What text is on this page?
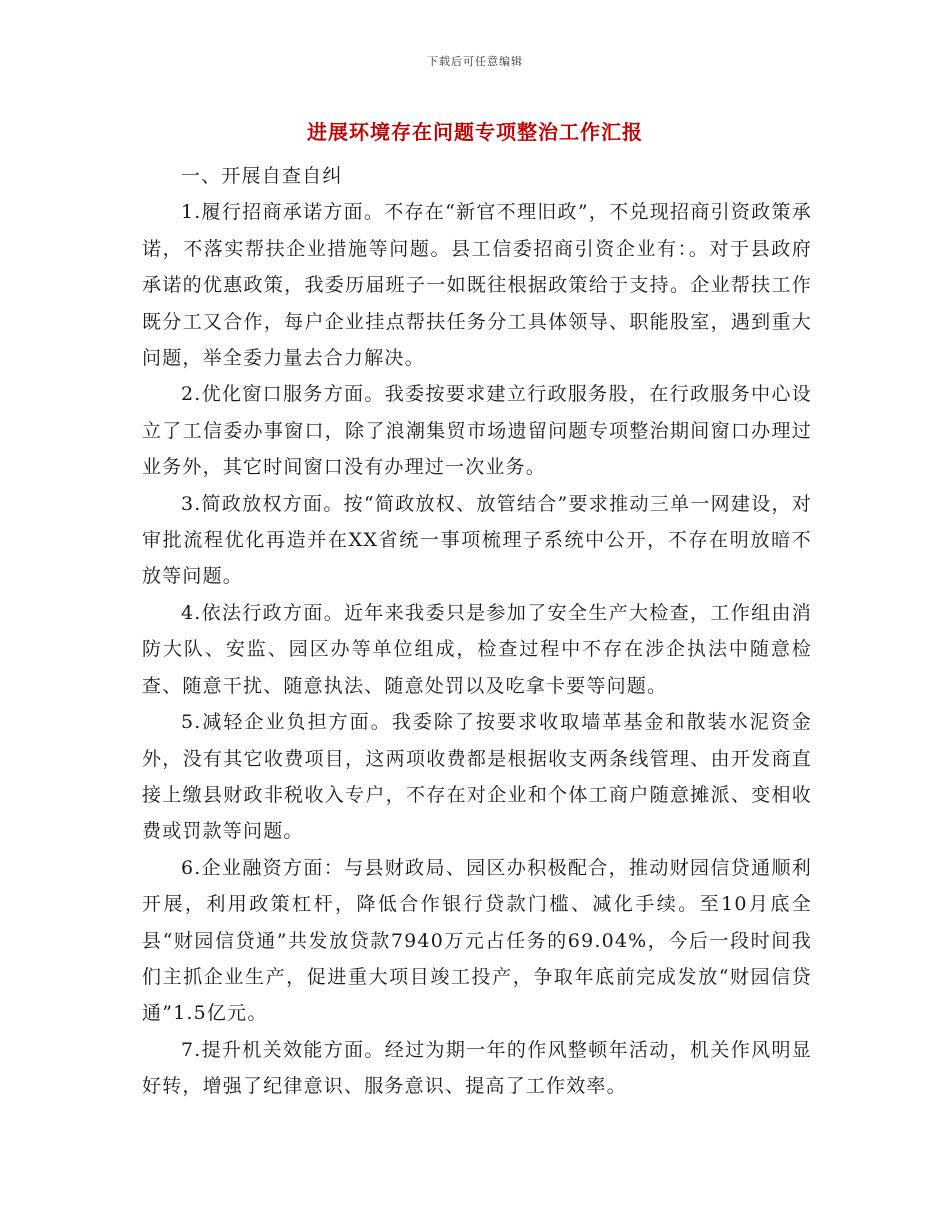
下载后可任意编辑
进展环境存在问题专项整治工作汇报

一、开展自查自纠

1.履行招商承诺方面。不存在“新官不理旧政”，不兑现招商引资政策承诺，不落实帮扶企业措施等问题。县工信委招商引资企业有：。对于县政府承诺的优惠政策，我委历届班子一如既往根据政策给于支持。企业帮扶工作既分工又合作，每户企业挂点帮扶任务分工具体领导、职能股室，遇到重大问题，举全委力量去合力解决。

2.优化窗口服务方面。我委按要求建立行政服务股，在行政服务中心设立了工信委办事窗口，除了浪潮集贸市场遗留问题专项整治期间窗口办理过业务外，其它时间窗口没有办理过一次业务。

3.简政放权方面。按“简政放权、放管结合”要求推动三单一网建设，对审批流程优化再造并在XX省统一事项梳理子系统中公开，不存在明放暗不放等问题。

4.依法行政方面。近年来我委只是参加了安全生产大检查，工作组由消防大队、安监、园区办等单位组成，检查过程中不存在涉企执法中随意检查、随意干扰、随意执法、随意处罚以及吃拿卡要等问题。

5.减轻企业负担方面。我委除了按要求收取墙革基金和散装水泥资金外，没有其它收费项目，这两项收费都是根据收支两条线管理、由开发商直接上缴县财政非税收入专户，不存在对企业和个体工商户随意摊派、变相收费或罚款等问题。

6.企业融资方面：与县财政局、园区办积极配合，推动财园信贷通顺利开展，利用政策杠杆，降低合作银行贷款门槛、减化手续。至10月底全县“财园信贷通”共发放贷款7940万元占任务的69.04%，今后一段时间我们主抓企业生产，促进重大项目竣工投产，争取年底前完成发放“财园信贷通”1.5亿元。

7.提升机关效能方面。经过为期一年的作风整顿年活动，机关作风明显好转，增强了纪律意识、服务意识、提高了工作效率。
